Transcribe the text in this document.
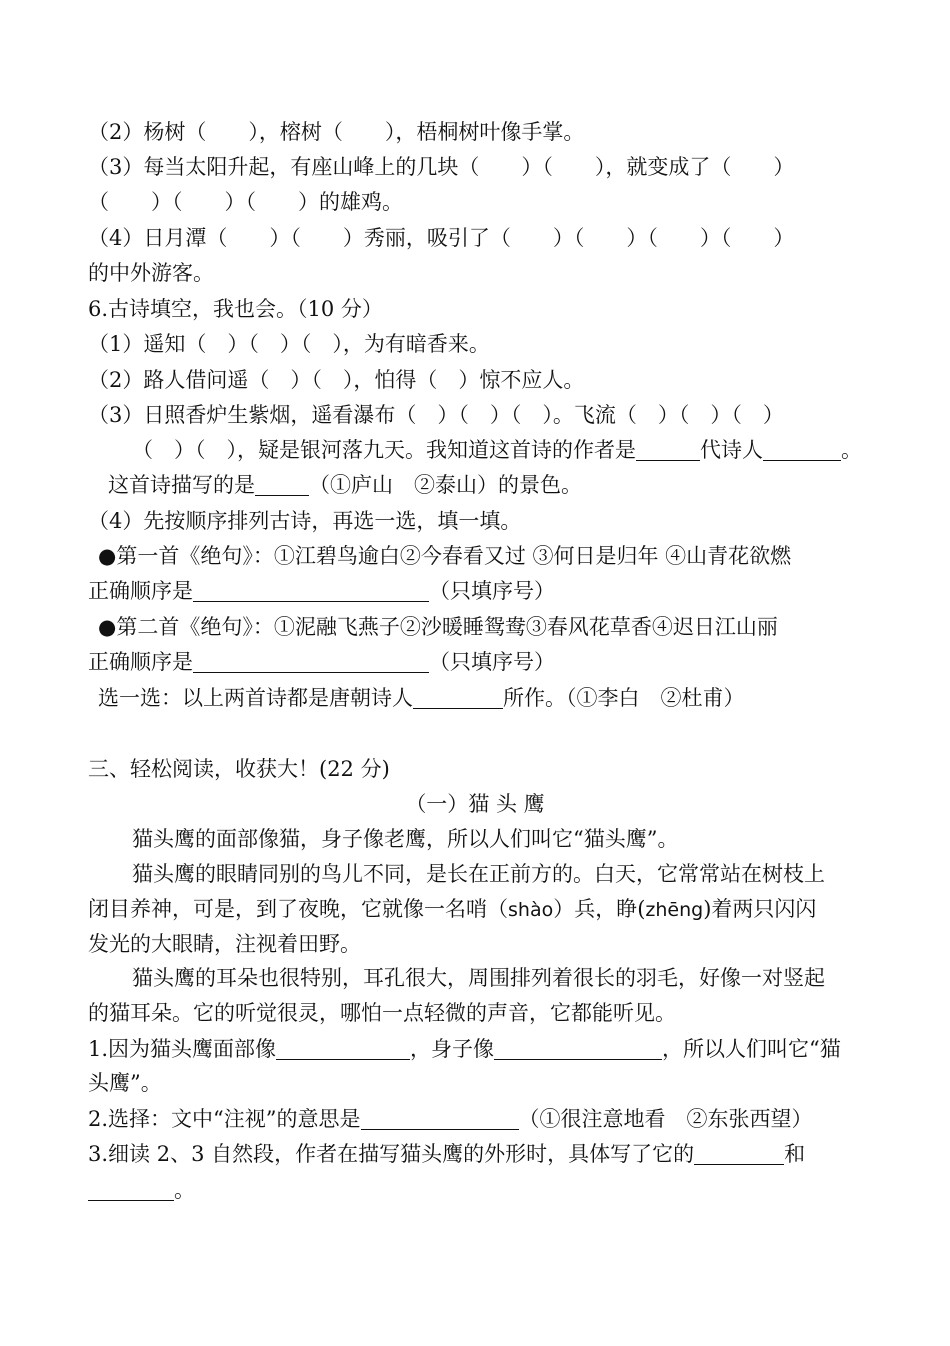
（2）杨树（　　），榕树（　　），梧桐树叶像手掌。
（3）每当太阳升起，有座山峰上的几块（　　）（　　），就变成了（　　）
（　　）（　　）（　　）的雄鸡。
（4）日月潭（　　）（　　）秀丽，吸引了（　　）（　　）（　　）（　　）
的中外游客。
6.古诗填空，我也会。（10 分）
（1）遥知（　）（　）（　），为有暗香来。
（2）路人借问遥（　）（　），怕得（　）惊不应人。
（3）日照香炉生紫烟，遥看瀑布（　）（　）（　）。飞流（　）（　）（　）
（　）（　），疑是银河落九天。我知道这首诗的作者是	代诗人	。
这首诗描写的是	（①庐山　②泰山）的景色。
（4）先按顺序排列古诗，再选一选，填一填。
●第一首《绝句》：①江碧鸟逾白②今春看又过 ③何日是归年 ④山青花欲燃
正确顺序是	（只填序号）
●第二首《绝句》：①泥融飞燕子②沙暖睡鸳鸯③春风花草香④迟日江山丽
正确顺序是	（只填序号）
选一选：以上两首诗都是唐朝诗人	所作。（①李白　②杜甫）
三、轻松阅读，收获大！(22 分)
（一）猫 头 鹰
猫头鹰的面部像猫，身子像老鹰，所以人们叫它“猫头鹰”。
猫头鹰的眼睛同别的鸟儿不同，是长在正前方的。白天，它常常站在树枝上
闭目养神，可是，到了夜晚，它就像一名哨（shào）兵，睁(zhēng)着两只闪闪
发光的大眼睛，注视着田野。
猫头鹰的耳朵也很特别，耳孔很大，周围排列着很长的羽毛，好像一对竖起
的猫耳朵。它的听觉很灵，哪怕一点轻微的声音，它都能听见。
1.因为猫头鹰面部像	，身子像	，所以人们叫它“猫
头鹰”。
2.选择：文中“注视”的意思是	（①很注意地看　②东张西望）
3.细读 2、3 自然段，作者在描写猫头鹰的外形时，具体写了它的	和
。
